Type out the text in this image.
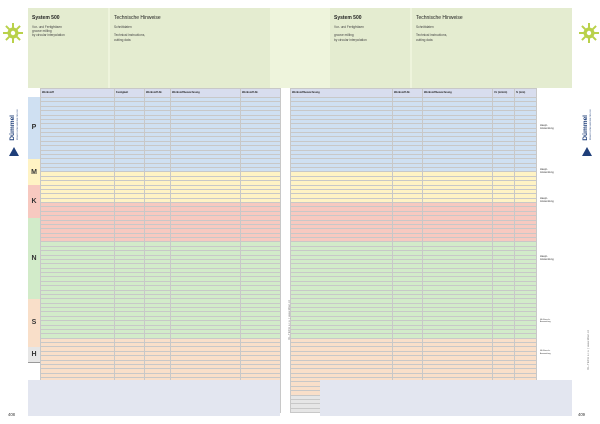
System 500
Vor- und Fertigfräsen
groove milling
by circular interpolation
Technische Hinweise
Schnittdaten

Technical instructions,
cutting data
System 500
Vor- und Fertigfräsen

groove milling
by circular interpolation
Technische Hinweise
Schnittdaten

Technical instructions,
cutting data
Dümmel PRÄZISIONSWERKZEUGE	Dümmel PRÄZISIONSWERKZEUGE
P
M
K
N
S
H
Werkstoff	Festigkeit	Werkstoff-Nr.	Werkstoffbezeichnung	Werkstoff-Nr.

					Werkstoffbezeichnung	Werkstoff-Nr.	Werkstoffbezeichnung	Vc (m/min)	fz (mm)

Haupt-
Anwendung
Haupt-
Anwendung
Haupt-
Anwendung
Haupt-
Anwendung
Mit Einschr.
Anwendung
Mit Einschr.
Anwendung
KL-TECH s.r.o. | www.kltec.cz
KL-TECH s.r.o. | www.kltec.cz
408	409
